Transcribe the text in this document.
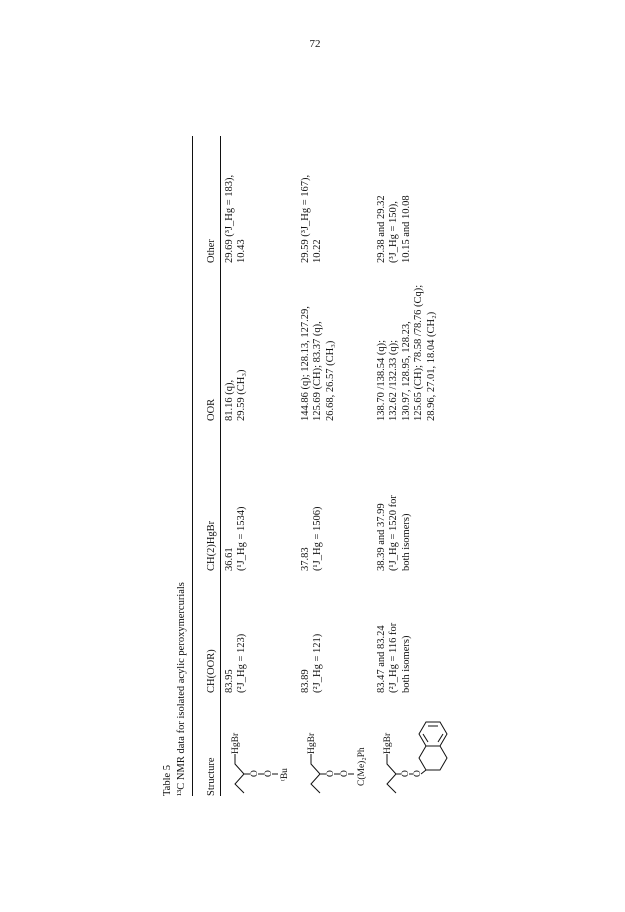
72
Table 5 ¹³C NMR data for isolated acylic peroxymercurials Structure
CH(OOR)
CH(2)HgBr
OOR
Other
HgBr
O O ᵗBu
83.95 (²J_Hg = 123)
36.61 (¹J_Hg = 1534)
81.16 (q), 29.59 (CH₃)
29.69 (³J_Hg = 183), 10.43
HgBr
O O C(Me)₂Ph
83.89 (²J_Hg = 121)
37.83 (¹J_Hg = 1506)
144.86 (q); 128.13, 127.29, 125.69 (CH); 83.37 (q), 26.68, 26.57 (CH₃)
29.59 (³J_Hg = 167), 10.22
HgBr
O O
83.47 and 83.24 (²J_Hg = 116 for both isomers)
38.39 and 37.99 (¹J_Hg = 1520 for both isomers)
138.70 /138.54 (q); 132.62 /132.33 (q); 130.97, 128.95, 128.23, 125.65 (CH); 78.58 /78.76 (Cq); 28.96, 27.01, 18.04 (CH₂)
29.38 and 29.32 (³J_Hg = 150), 10.15 and 10.08
